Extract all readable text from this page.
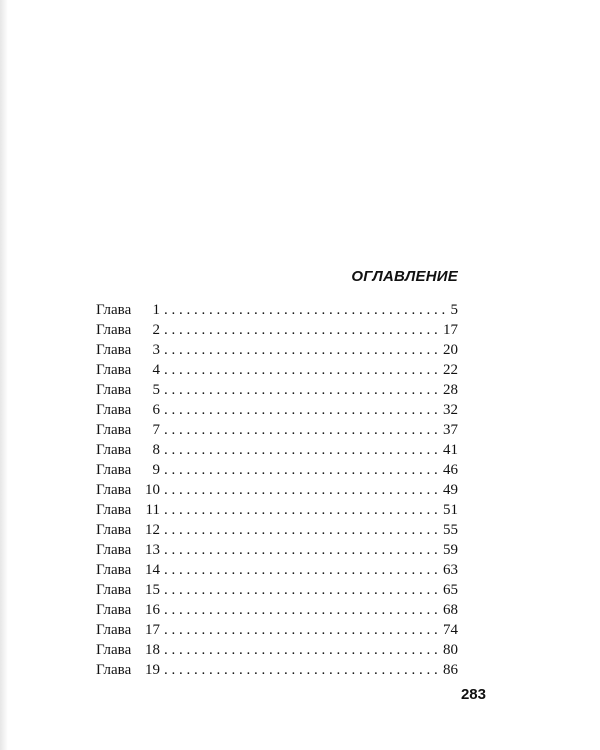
ОГЛАВЛЕНИЕ
Глава	1 . . .	5
Глава	2 . . .	17
Глава	3 . . .	20
Глава	4 . . .	22
Глава	5 . . .	28
Глава	6 . . .	32
Глава	7 . . .	37
Глава	8 . . .	41
Глава	9 . . .	46
Глава 10 . . .	49
Глава 11 . . .	51
Глава 12 . . .	55
Глава 13 . . .	59
Глава 14 . . .	63
Глава 15 . . .	65
Глава 16 . . .	68
Глава 17 . . .	74
Глава 18 . . .	80
Глава 19 . . .	86
283
